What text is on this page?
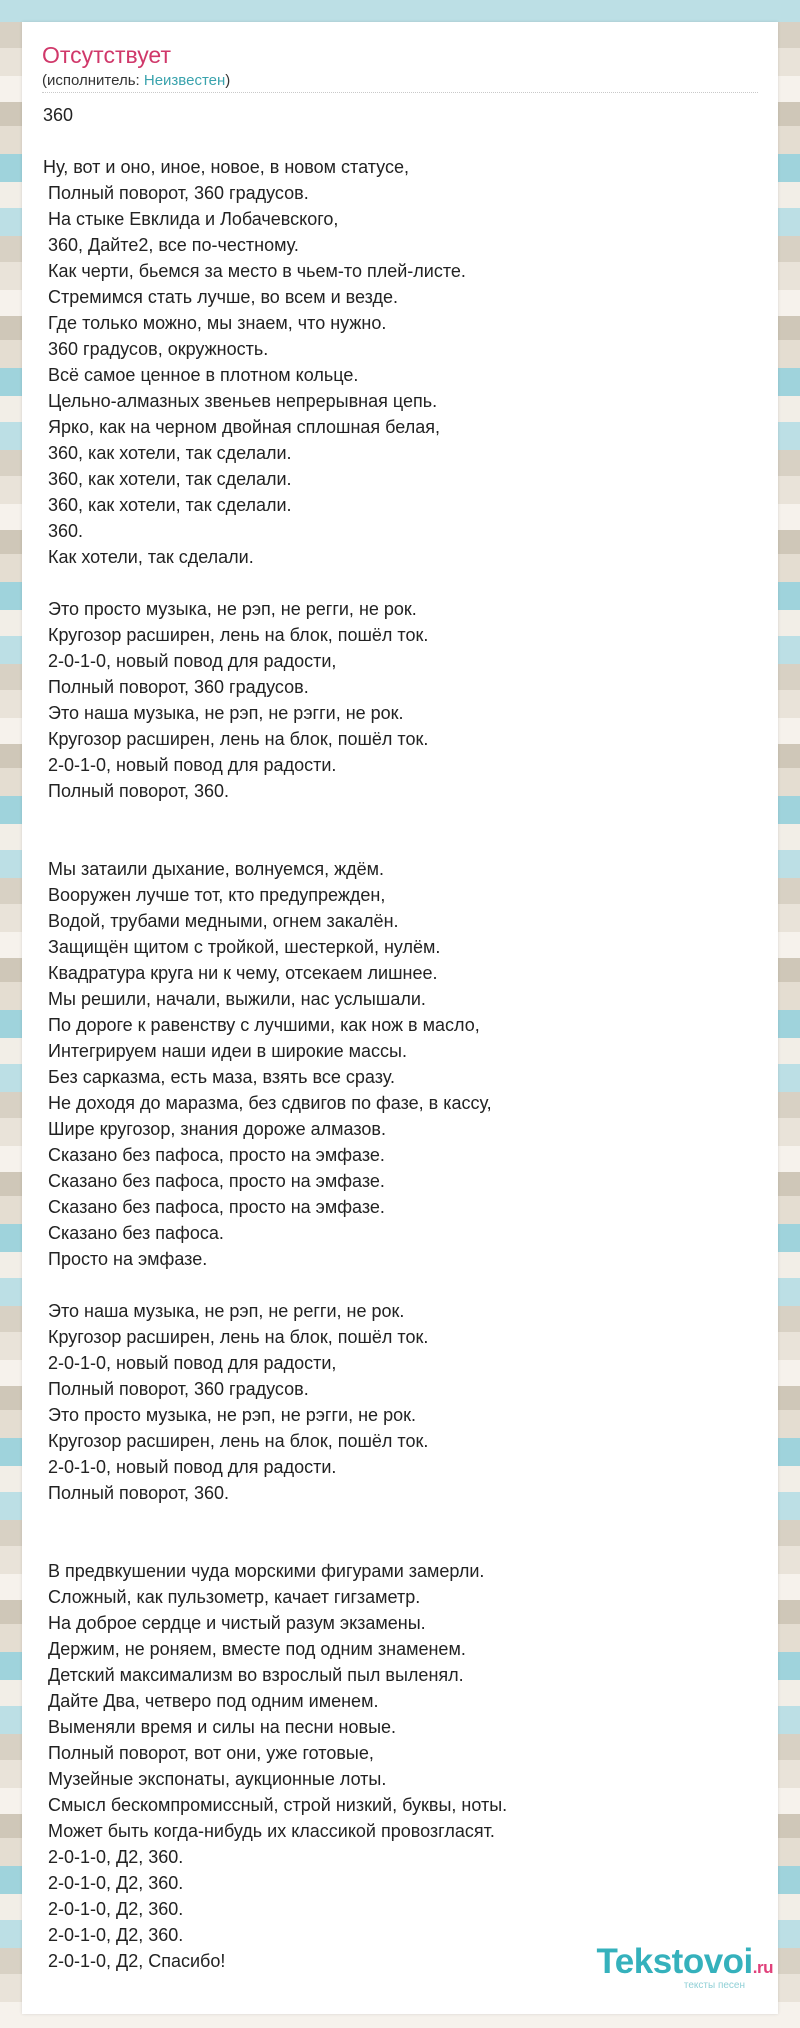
Отсутствует
(исполнитель: Неизвестен)
360

Ну, вот и оно, иное, новое, в новом статусе,
Полный поворот, 360 градусов.
На стыке Евклида и Лобачевского,
360, Дайте2, все по-честному.
Как черти, бьемся за место в чьем-то плей-листе.
Стремимся стать лучше, во всем и везде.
Где только можно, мы знаем, что нужно.
360 градусов, окружность.
Всё самое ценное в плотном кольце.
Цельно-алмазных звеньев непрерывная цепь.
Ярко, как на черном двойная сплошная белая,
360, как хотели, так сделали.
360, как хотели, так сделали.
360, как хотели, так сделали.
360.
Как хотели, так сделали.

Это просто музыка, не рэп, не регги, не рок.
Кругозор расширен, лень на блок, пошёл ток.
2-0-1-0, новый повод для радости,
Полный поворот, 360 градусов.
Это наша музыка, не рэп, не рэгги, не рок.
Кругозор расширен, лень на блок, пошёл ток.
2-0-1-0, новый повод для радости.
Полный поворот, 360.

Мы затаили дыхание, волнуемся, ждём.
Вооружен лучше тот, кто предупрежден,
Водой, трубами медными, огнем закалён.
Защищён щитом с тройкой, шестеркой, нулём.
Квадратура круга ни к чему, отсекаем лишнее.
Мы решили, начали, выжили, нас услышали.
По дороге к равенству с лучшими, как нож в масло,
Интегрируем наши идеи в широкие массы.
Без сарказма, есть маза, взять все сразу.
Не доходя до маразма, без сдвигов по фазе, в кассу,
Шире кругозор, знания дороже алмазов.
Сказано без пафоса, просто на эмфазе.
Сказано без пафоса, просто на эмфазе.
Сказано без пафоса, просто на эмфазе.
Сказано без пафоса.
Просто на эмфазе.

Это наша музыка, не рэп, не регги, не рок.
Кругозор расширен, лень на блок, пошёл ток.
2-0-1-0, новый повод для радости,
Полный поворот, 360 градусов.
Это просто музыка, не рэп, не рэгги, не рок.
Кругозор расширен, лень на блок, пошёл ток.
2-0-1-0, новый повод для радости.
Полный поворот, 360.

В предвкушении чуда морскими фигурами замерли.
Сложный, как пульзометр, качает гигзаметр.
На доброе сердце и чистый разум экзамены.
Держим, не роняем, вместе под одним знаменем.
Детский максимализм во взрослый пыл выленял.
Дайте Два, четверо под одним именем.
Выменяли время и силы на песни новые.
Полный поворот, вот они, уже готовые,
Музейные экспонаты, аукционные лоты.
Смысл бескомпромиссный, строй низкий, буквы, ноты.
Может быть когда-нибудь их классикой провозгласят.
2-0-1-0, Д2, 360.
2-0-1-0, Д2, 360.
2-0-1-0, Д2, 360.
2-0-1-0, Д2, 360.
2-0-1-0, Д2, Спасибо!	Tekstovoi.ru
тексты песен
